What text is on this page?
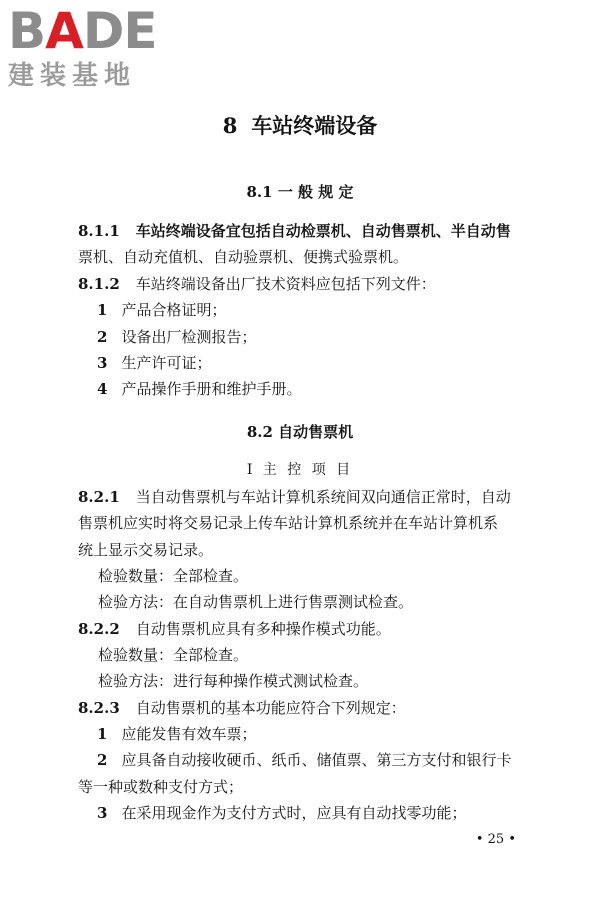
BADE
建装基地
8 车站终端设备
8.1 一 般 规 定
8.1.1 车站终端设备宜包括自动检票机、自动售票机、半自动售
票机、自动充值机、自动验票机、便携式验票机。
8.1.2 车站终端设备出厂技术资料应包括下列文件：
1 产品合格证明；
2 设备出厂检测报告；
3 生产许可证；
4 产品操作手册和维护手册。
8.2 自动售票机
Ⅰ 主 控 项 目
8.2.1 当自动售票机与车站计算机系统间双向通信正常时，自动
售票机应实时将交易记录上传车站计算机系统并在车站计算机系
统上显示交易记录。
检验数量：全部检查。
检验方法：在自动售票机上进行售票测试检查。
8.2.2 自动售票机应具有多种操作模式功能。
检验数量：全部检查。
检验方法：进行每种操作模式测试检查。
8.2.3 自动售票机的基本功能应符合下列规定：
1 应能发售有效车票；
2 应具备自动接收硬币、纸币、储值票、第三方支付和银行卡
等一种或数种支付方式；
3 在采用现金作为支付方式时，应具有自动找零功能；
• 25 •
